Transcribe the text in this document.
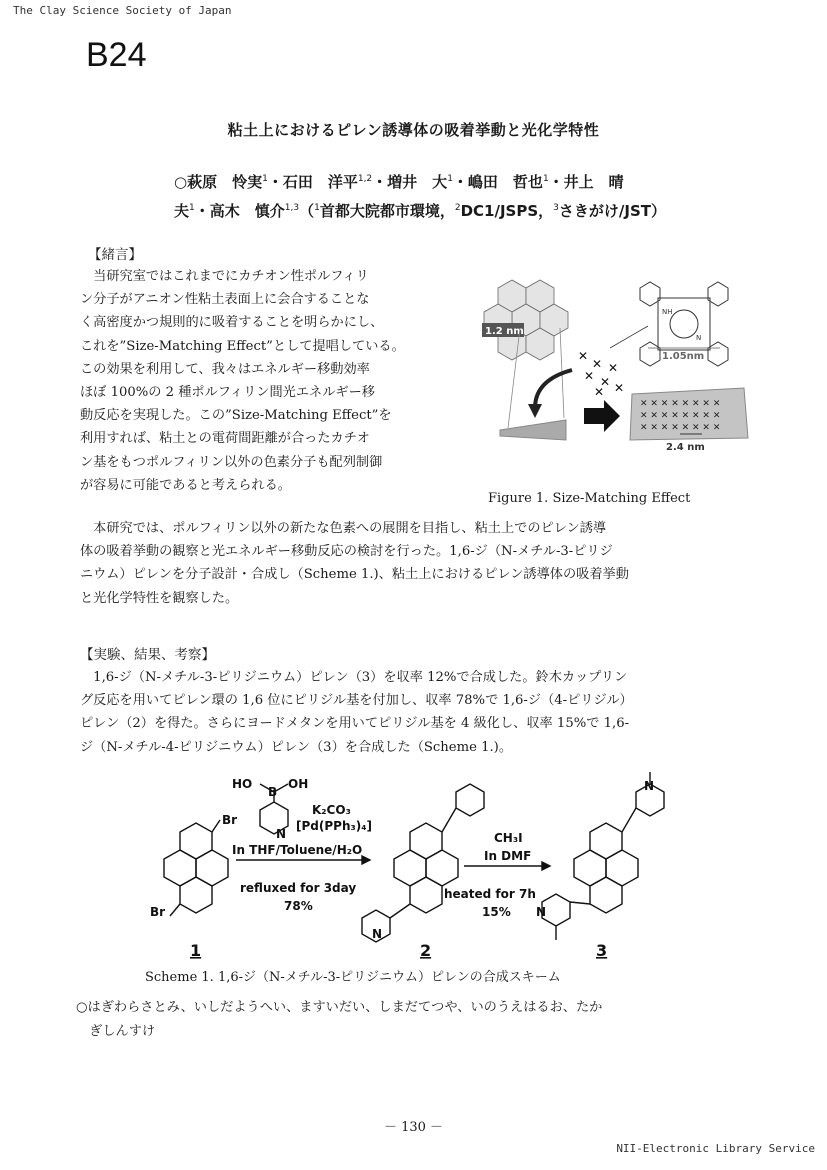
The Clay Science Society of Japan
B24
粘土上におけるピレン誘導体の吸着挙動と光化学特性
○萩原　怜実$^1$・石田　洋平$^{1,2}$・増井　大$^1$・嶋田　哲也$^1$・井上　晴
夫$^1$・高木　慎介$^{1,3}$（$^1$首都大院都市環境，$^2$DC1/JSPS，$^3$さきがけ/JST）
【緒言】

　当研究室ではこれまでにカチオン性ポルフィリ

ン分子がアニオン性粘土表面上に会合することな

く高密度かつ規則的に吸着することを明らかにし、

これを”Size-Matching Effect”として提唱している。

この効果を利用して、我々はエネルギー移動効率

ほぼ 100%の 2 種ポルフィリン間光エネルギー移

動反応を実現した。この”Size-Matching Effect”を

利用すれば、粘土との電荷間距離が合ったカチオ

ン基をもつポルフィリン以外の色素分子も配列制御

が容易に可能であると考えられる。

1.2 nm
NH
N
1.05nm
✕
✕
✕ ✕
✕
✕ ✕
✕ ✕ ✕ ✕ ✕ ✕ ✕ ✕
✕ ✕ ✕ ✕ ✕ ✕ ✕ ✕
✕ ✕ ✕ ✕ ✕ ✕ ✕ ✕
2.4 nm
Figure 1. Size-Matching Effect

　本研究では、ポルフィリン以外の新たな色素への展開を目指し、粘土上でのピレン誘導

体の吸着挙動の観察と光エネルギー移動反応の検討を行った。1,6-ジ（N-メチル-3-ピリジ

ニウム）ピレンを分子設計・合成し（Scheme 1.)、粘土上におけるピレン誘導体の吸着挙動

と光化学特性を観察した。

【実験、結果、考察】

　1,6-ジ（N-メチル-3-ピリジニウム）ピレン（3）を収率 12%で合成した。鈴木カップリン

グ反応を用いてピレン環の 1,6 位にピリジル基を付加し、収率 78%で 1,6-ジ（4-ピリジル）

ピレン（2）を得た。さらにヨードメタンを用いてピリジル基を 4 級化し、収率 15%で 1,6-

ジ（N-メチル-4-ピリジニウム）ピレン（3）を合成した（Scheme 1.)。

Br
Br
HO
B
OH
N
K₂CO₃
[Pd(PPh₃)₄]
In THF/Toluene/H₂O
refluxed for 3day
78%
CH₃I
In DMF
heated for 7h
15%
N
N
N
1	2	3
Scheme 1. 1,6-ジ（N-メチル-3-ピリジニウム）ピレンの合成スキーム
○はぎわらさとみ、いしだようへい、ますいだい、しまだてつや、いのうえはるお、たか
　ぎしんすけ
－ 130 －
NII-Electronic Library Service
